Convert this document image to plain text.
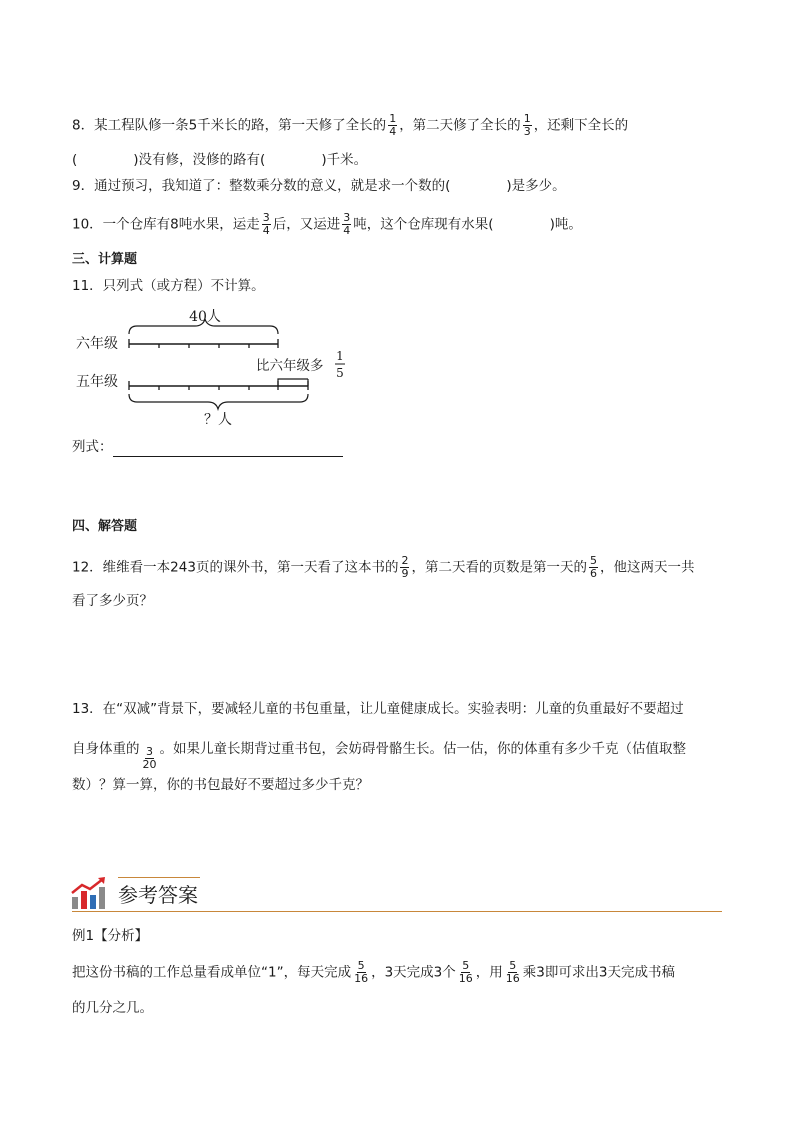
8．某工程队修一条5千米长的路，第一天修了全长的 $\frac{1}{4}$ ，第二天修了全长的 $\frac{1}{3}$ ，还剩下全长的
(	)没有修，没修的路有(	)千米。
9．通过预习，我知道了：整数乘分数的意义，就是求一个数的(	)是多少。
10．一个仓库有8吨水果，运走 $\frac{3}{4}$ 后，又运进 $\frac{3}{4}$ 吨，这个仓库现有水果(	)吨。
三、计算题
11．只列式（或方程）不计算。
40人
六年级
比六年级多
1
5
五年级
？人
列式：
四、解答题
12．维维看一本243页的课外书，第一天看了这本书的 $\frac{2}{9}$ ，第二天看的页数是第一天的 $\frac{5}{6}$ ，他这两天一共
看了多少页？
13．在“双减”背景下，要减轻儿童的书包重量，让儿童健康成长。实验表明：儿童的负重最好不要超过
自身体重的 $\frac{3}{20}$ 。如果儿童长期背过重书包，会妨碍骨骼生长。估一估，你的体重有多少千克（估值取整
数）？算一算，你的书包最好不要超过多少千克？
参考答案
例1【分析】
把这份书稿的工作总量看成单位“1”，每天完成 $\frac{5}{16}$ ，3天完成3个 $\frac{5}{16}$ ，用 $\frac{5}{16}$ 乘3即可求出3天完成书稿
的几分之几。
